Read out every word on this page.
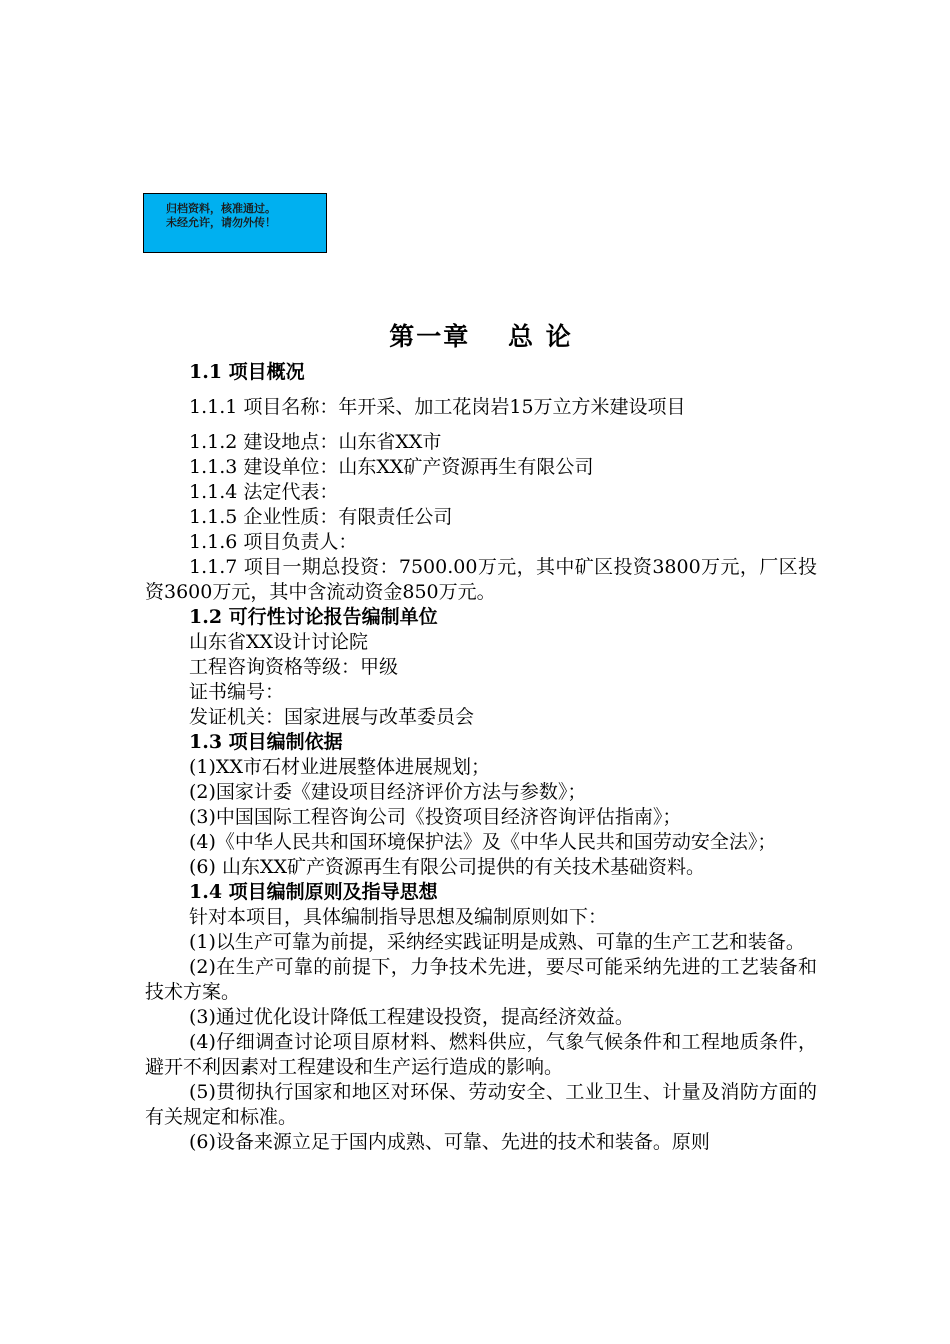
归档资料，核准通过。
未经允许，请勿外传！
第一章　 总 论
1.1 项目概况

1.1.1 项目名称：年开采、加工花岗岩15万立方米建设项目

1.1.2 建设地点：山东省XX市

1.1.3 建设单位：山东XX矿产资源再生有限公司

1.1.4 法定代表：

1.1.5 企业性质：有限责任公司

1.1.6 项目负责人：

1.1.7 项目一期总投资：7500.00万元，其中矿区投资3800万元，厂区投资3600万元，其中含流动资金850万元。

1.2 可行性讨论报告编制单位

山东省XX设计讨论院

工程咨询资格等级：甲级

证书编号：

发证机关：国家进展与改革委员会

1.3 项目编制依据

(1)XX市石材业进展整体进展规划；

(2)国家计委《建设项目经济评价方法与参数》；

(3)中国国际工程咨询公司《投资项目经济咨询评估指南》；

(4)《中华人民共和国环境保护法》及《中华人民共和国劳动安全法》；

(6) 山东XX矿产资源再生有限公司提供的有关技术基础资料。

1.4 项目编制原则及指导思想

针对本项目，具体编制指导思想及编制原则如下：

(1)以生产可靠为前提，采纳经实践证明是成熟、可靠的生产工艺和装备。

(2)在生产可靠的前提下，力争技术先进，要尽可能采纳先进的工艺装备和技术方案。

(3)通过优化设计降低工程建设投资，提高经济效益。

(4)仔细调查讨论项目原材料、燃料供应，气象气候条件和工程地质条件，避开不利因素对工程建设和生产运行造成的影响。

(5)贯彻执行国家和地区对环保、劳动安全、工业卫生、计量及消防方面的有关规定和标准。

(6)设备来源立足于国内成熟、可靠、先进的技术和装备。原则
